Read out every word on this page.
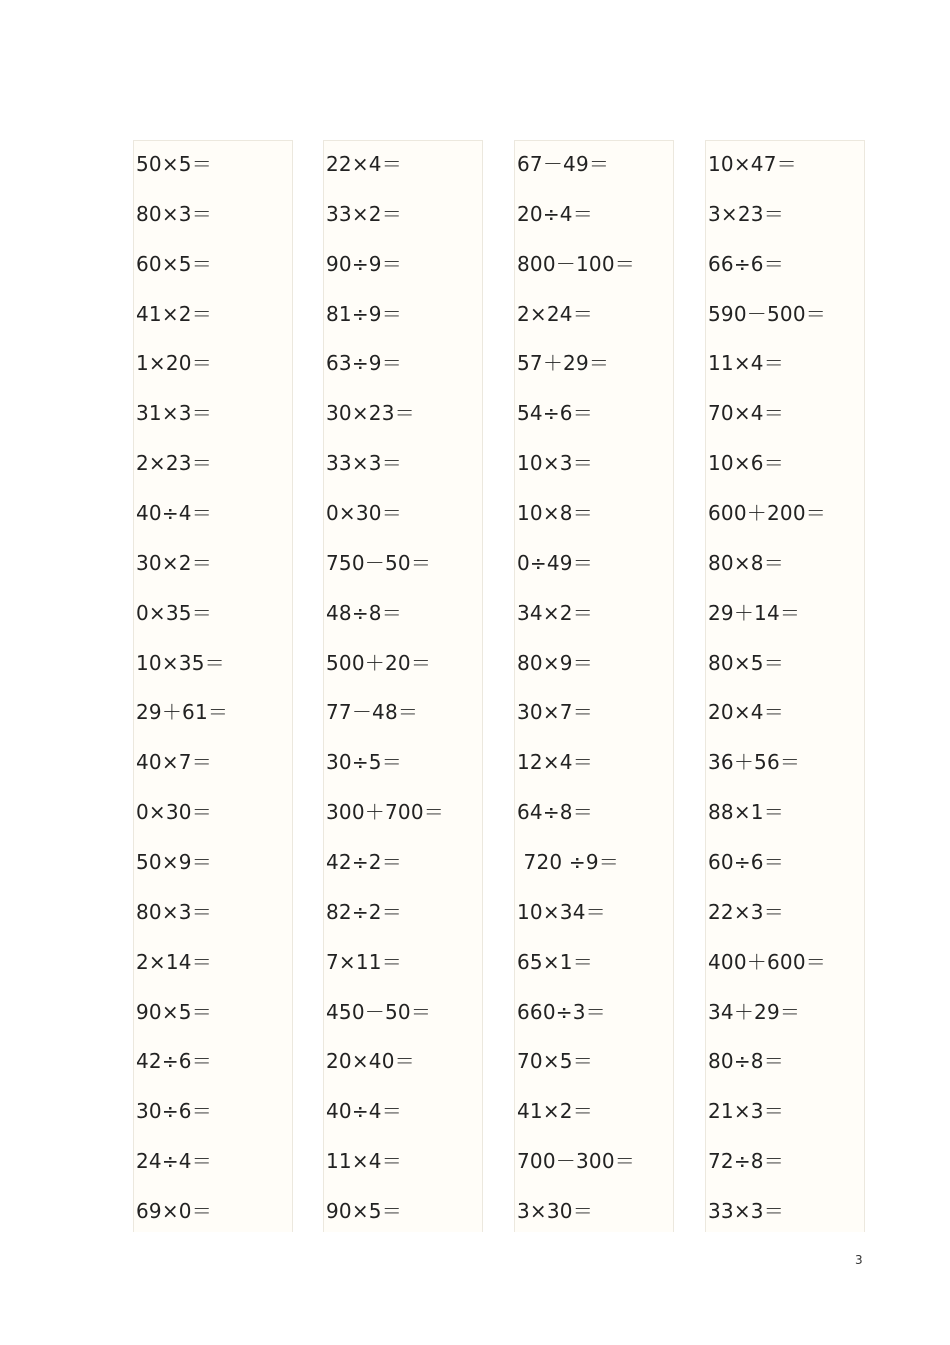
50×5＝
80×3＝
60×5＝
41×2＝
1×20＝
31×3＝
2×23＝
40÷4＝
30×2＝
0×35＝
10×35＝
29＋61＝
40×7＝
0×30＝
50×9＝
80×3＝
2×14＝
90×5＝
42÷6＝
30÷6＝
24÷4＝
69×0＝
22×4＝
33×2＝
90÷9＝
81÷9＝
63÷9＝
30×23＝
33×3＝
0×30＝
750－50＝
48÷8＝
500＋20＝
77－48＝
30÷5＝
300＋700＝
42÷2＝
82÷2＝
7×11＝
450－50＝
20×40＝
40÷4＝
11×4＝
90×5＝
67－49＝
20÷4＝
800－100＝
2×24＝
57＋29＝
54÷6＝
10×3＝
10×8＝
0÷49＝
34×2＝
80×9＝
30×7＝
12×4＝
64÷8＝
720 ÷9＝
10×34＝
65×1＝
660÷3＝
70×5＝
41×2＝
700－300＝
3×30＝
10×47＝
3×23＝
66÷6＝
590－500＝
11×4＝
70×4＝
10×6＝
600＋200＝
80×8＝
29＋14＝
80×5＝
20×4＝
36＋56＝
88×1＝
60÷6＝
22×3＝
400＋600＝
34＋29＝
80÷8＝
21×3＝
72÷8＝
33×3＝
3
